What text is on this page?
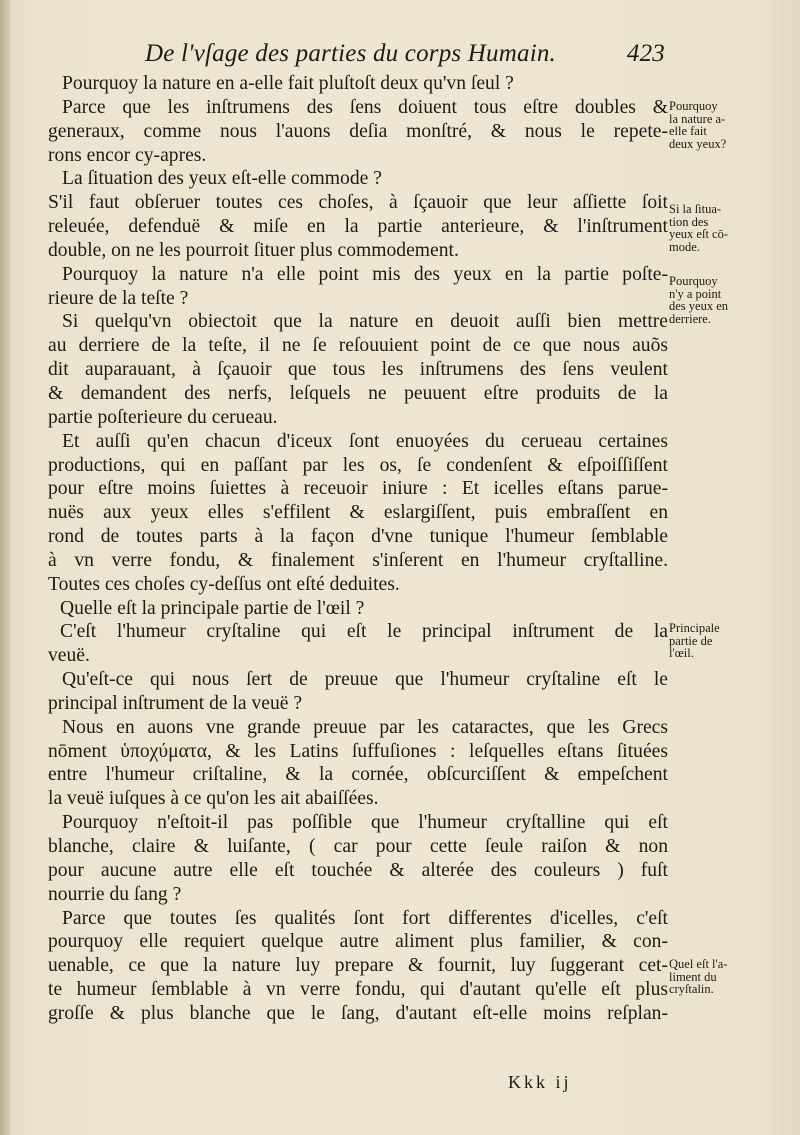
De l'vſage des parties du corps Humain.	423
Pourquoy la nature en a-elle fait pluſtoſt deux qu'vn ſeul ?
Parce que les inſtrumens des ſens doiuent tous eſtre doubles &
generaux, comme nous l'auons deſia monſtré, & nous le repete-
rons encor cy-apres.
La ſituation des yeux eſt-elle commode ?
S'il faut obſeruer toutes ces choſes, à ſçauoir que leur aſſiette ſoit
releuée, defenduë & miſe en la partie anterieure, & l'inſtrument
double, on ne les pourroit ſituer plus commodement.
Pourquoy la nature n'a elle point mis des yeux en la partie poſte-
rieure de la teſte ?
Si quelqu'vn obiectoit que la nature en deuoit auſſi bien mettre
au derriere de la teſte, il ne ſe reſouuient point de ce que nous auõs
dit auparauant, à ſçauoir que tous les inſtrumens des ſens veulent
& demandent des nerfs, leſquels ne peuuent eſtre produits de la
partie poſterieure du cerueau.
Et auſſi qu'en chacun d'iceux ſont enuoyées du cerueau certaines
productions, qui en paſſant par les os, ſe condenſent & eſpoiſſiſſent
pour eſtre moins ſuiettes à receuoir iniure : Et icelles eſtans parue-
nuës aux yeux elles s'effilent & eslargiſſent, puis embraſſent en
rond de toutes parts à la façon d'vne tunique l'humeur ſemblable
à vn verre fondu, & finalement s'inſerent en l'humeur cryſtalline.
Toutes ces choſes cy-deſſus ont eſté deduites.
Quelle eſt la principale partie de l'œil ?
C'eſt l'humeur cryſtaline qui eſt le principal inſtrument de la
veuë.
Qu'eſt-ce qui nous ſert de preuue que l'humeur cryſtaline eſt le
principal inſtrument de la veuë ?
Nous en auons vne grande preuue par les cataractes, que les Grecs
nōment ὑποχύματα, & les Latins ſuffuſiones : leſquelles eſtans ſituées
entre l'humeur criſtaline, & la cornée, obſcurciſſent & empeſchent
la veuë iuſques à ce qu'on les ait abaiſſées.
Pourquoy n'eſtoit-il pas poſſible que l'humeur cryſtalline qui eſt
blanche, claire & luiſante, ( car pour cette ſeule raiſon & non
pour aucune autre elle eſt touchée & alterée des couleurs ) fuſt
nourrie du ſang ?
Parce que toutes ſes qualités ſont fort differentes d'icelles, c'eſt
pourquoy elle requiert quelque autre aliment plus familier, & con-
uenable, ce que la nature luy prepare & fournit, luy ſuggerant cet-
te humeur ſemblable à vn verre fondu, qui d'autant qu'elle eſt plus
groſſe & plus blanche que le ſang, d'autant eſt-elle moins reſplan-
Pourquoy
la nature a-
elle fait
deux yeux?
Si la ſitua-
tion des
yeux eſt cō-
mode.
Pourquoy
n'y a point
des yeux en
derriere.
Principale
partie de
l'œil.
Quel eſt l'a-
liment du
cryſtalin.
Kkk ij
